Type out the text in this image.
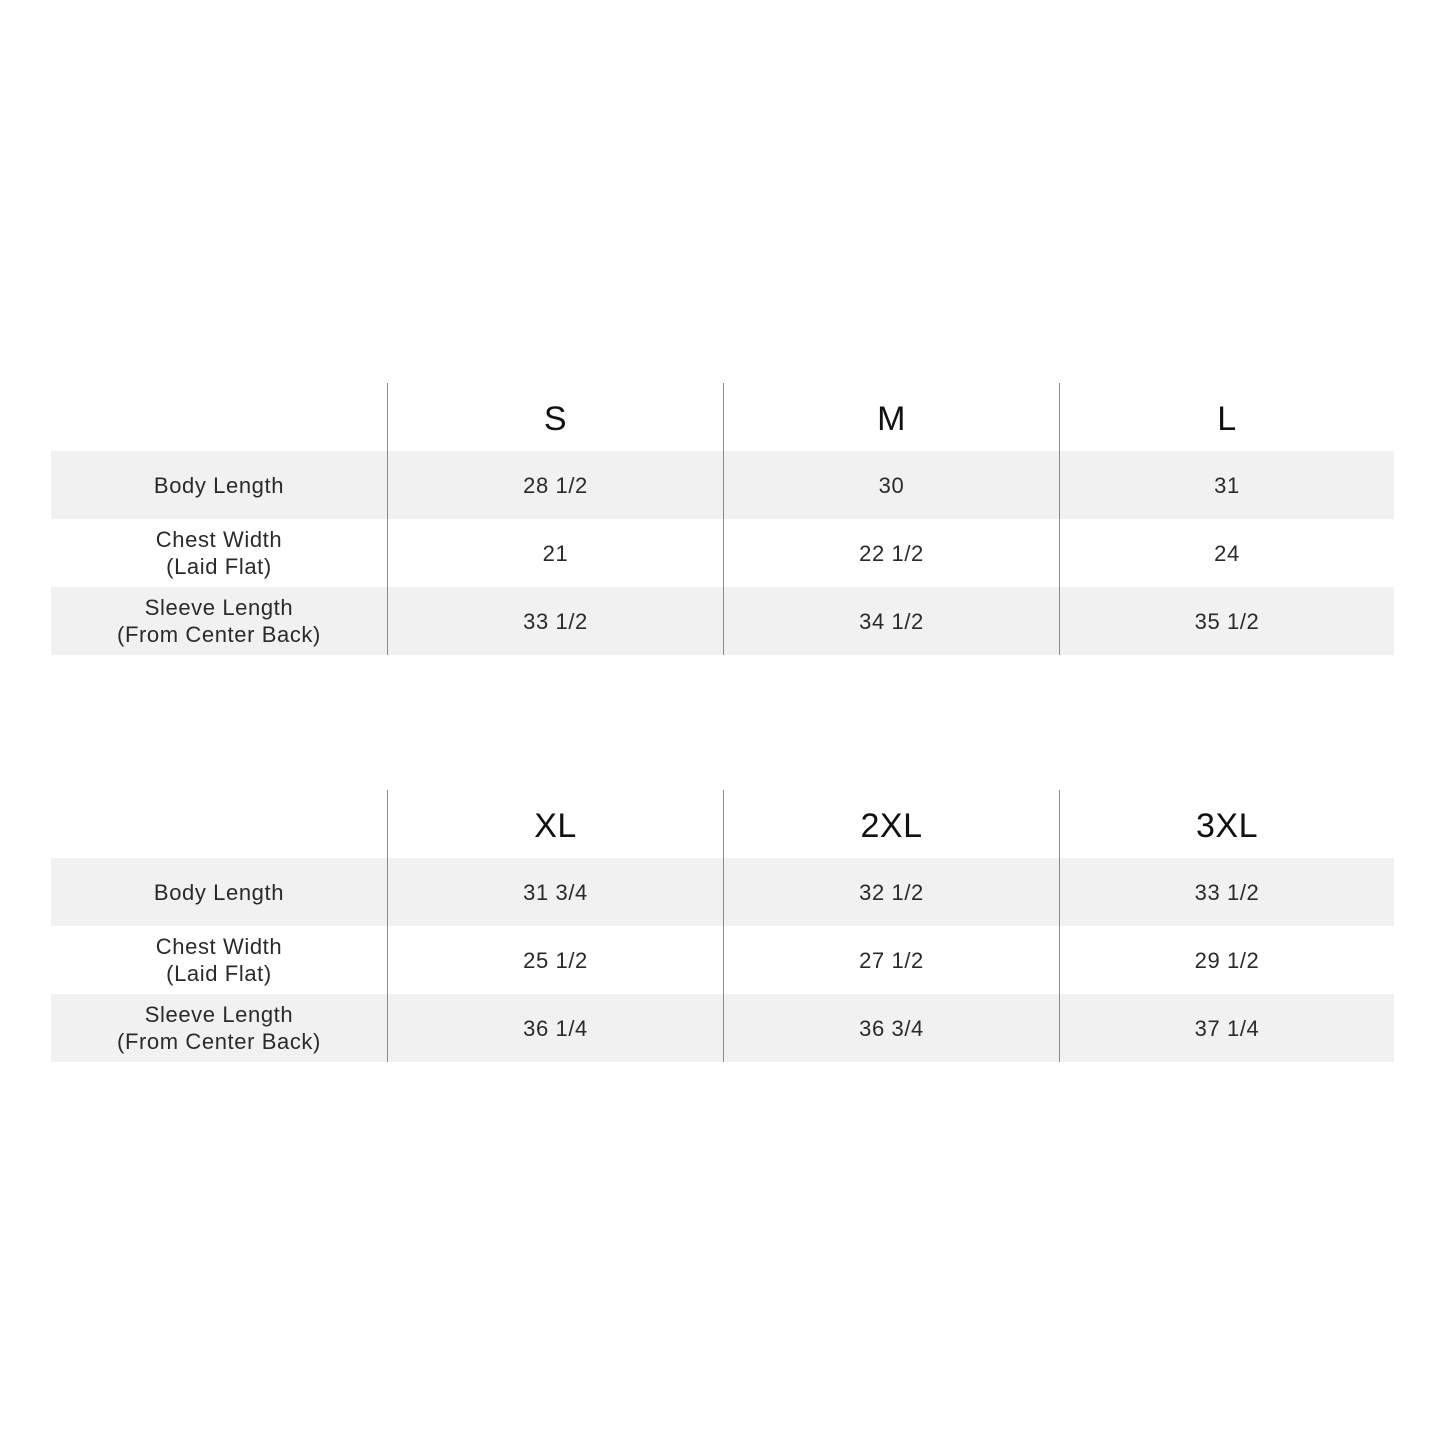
S	M	L
Body Length	28 1/2	30	31
Chest Width
(Laid Flat)
21	22 1/2	24
Sleeve Length
(From Center Back)
33 1/2	34 1/2	35 1/2
XL	2XL	3XL
Body Length	31 3/4	32 1/2	33 1/2
Chest Width
(Laid Flat)
25 1/2	27 1/2	29 1/2
Sleeve Length
(From Center Back)
36 1/4	36 3/4	37 1/4
